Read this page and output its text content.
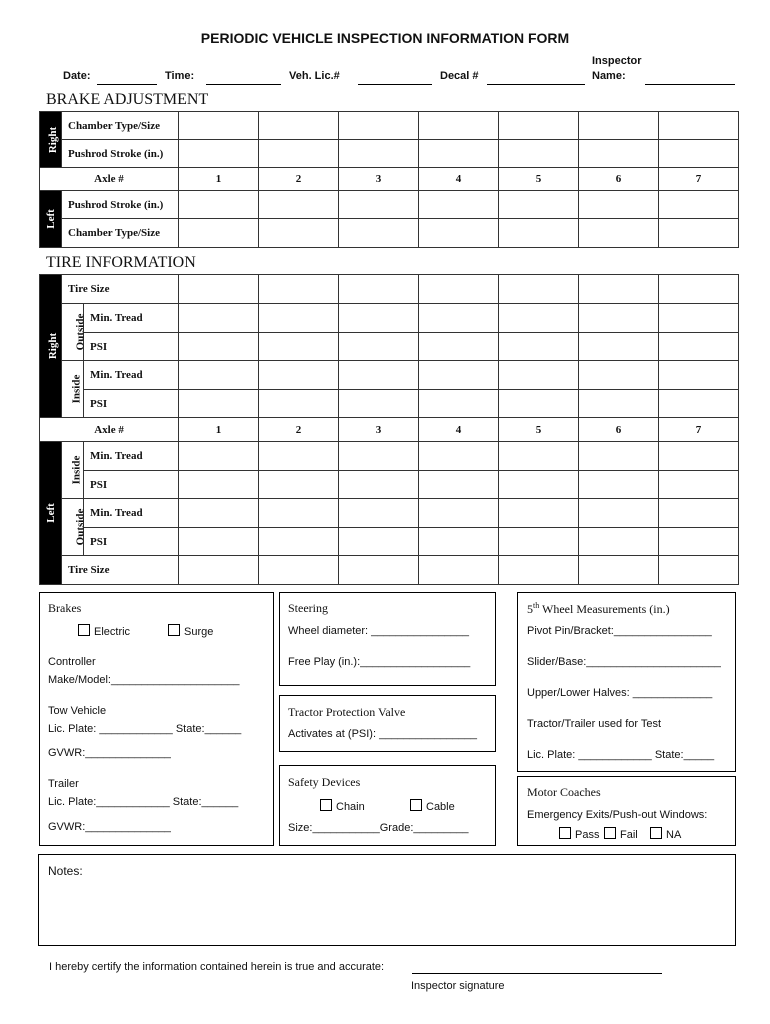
PERIODIC VEHICLE INSPECTION INFORMATION FORM
Date:	Time:	Veh. Lic.#	Decal #
Inspector
Name:
BRAKE ADJUSTMENT
Right	Chamber Type/Size							
	Pushrod Stroke (in.)							
Axle #		1	2	3	4	5	6	7
Left	Pushrod Stroke (in.)							
	Chamber Type/Size							
TIRE INFORMATION
Right	Tire Size								
	Outside	Min. Tread							
		PSI							
	Inside	Min. Tread							
		PSI							
Axle #			1	2	3	4	5	6	7
Left	Inside	Min. Tread							
		PSI							
	Outside	Min. Tread							
		PSI							
	Tire Size								
Brakes
Electric	Surge
Controller
Make/Model:_____________________
Tow Vehicle
Lic. Plate: ____________ State:______
GVWR:______________
Trailer
Lic. Plate:____________ State:______
GVWR:______________
Steering
Wheel diameter: ________________
Free Play (in.):__________________
Tractor Protection Valve
Activates at (PSI): ________________
Safety Devices
Chain	Cable
Size:___________Grade:_________
5th Wheel Measurements (in.)
Pivot Pin/Bracket:________________
Slider/Base:______________________
Upper/Lower Halves: _____________
Tractor/Trailer used for Test
Lic. Plate: ____________ State:_____
Motor Coaches
Emergency Exits/Push-out Windows:
Pass	Fail	NA
Notes:
I hereby certify the information contained herein is true and accurate:
Inspector signature
